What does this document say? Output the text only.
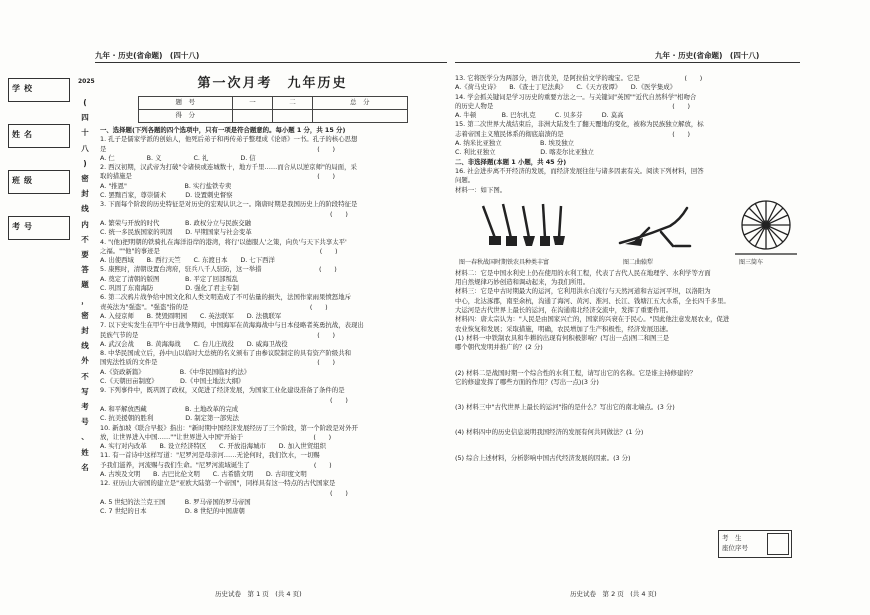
九年 · 历史(省命题)　(四十八)	九年 · 历史(省命题)　(四十八)
学校
姓名
班级
考号
2025
(
四
十
八
)
密
封
线
内
不
要
答
题
，
密
封
线
外
不
写
考
号
、
姓
名
第一次月考　九年历史
题　号	一	二	总　分
得　分			

一、选择题(下列各题的四个选项中，只有一项是符合题意的。每小题 1 分，共 15 分)

1. 孔子是儒家学派的创始人，他死后弟子和再传弟子整理成《论语》一书。孔子的核心思想

是　　　　　　　　　　　　　　　　　　　　　　　　　　　　　　　　　(　　)

A. 仁　　　　　B. 义　　　　　C. 礼　　　　　D. 信

2. 西汉初期，汉武帝为打破"令诸侯或连城数十，地方千里……而合从以逆京师"的局面，采

取的措施是　　　　　　　　　　　　　　　　　　　　　　　　　　　　　(　　)

A. "推恩"　　　　　　　　　B. 实行盐铁专卖

C. 罢黜百家，尊崇儒术　　　D. 设置刺史督察

3. 下面每个阶段的历史特征是对历史的宏观认识之一。隋唐时期是我国历史上的阶段特征是

　　　　　　　　　　　　　　　　　　　　　　　　　　　　　　　　　　　　(　　)

A. 繁荣与开放的时代　　　　B. 政权分立与民族交融

C. 统一多民族国家的巩固　　D. 早期国家与社会变革

4. "(他)把明朝的铁骑扎在海洋沿岸的港湾，将行'以德服人'之策，向负'与天下共享太平'

之福。""他"的事迹是　　　　　　　　　　　　　　　　　　　　　　　　　(　　)

A. 出使西域　　B. 西行天竺　　C. 东渡日本　　D. 七下西洋

5. 康熙时，清朝设置台湾府，驻兵八千人驻防，这一举措　　　　　　　　　(　　)

A. 奠定了清朝的版图　　　　B. 平定了回部叛乱

C. 巩固了东南海防　　　　　D. 强化了君主专制

6. 第二次鸦片战争给中国文化和人类文明造成了不可估量的损失，法国作家雨果愤怒地斥

责英法为"强盗"。"强盗"指的是　　　　　　　　　　　　　　　　　　　(　　)

A. 入侵京师　　B. 焚毁圆明园　　C. 英法联军　　D. 法俄联军

7. 以下史实发生在甲午中日战争期间，中国海军在黄海海战中与日本侵略者英勇抗战，表现出

民族气节的是　　　　　　　　　　　　　　　　　　　　　　　　　　　　(　　)

A. 武汉会战　　B. 黄海海战　　C. 台儿庄战役　　D. 威海卫战役

8. 中华民国成立后，孙中山以临时大总统的名义颁布了由参议院制定的具有资产阶级共和

国宪法性质的文件是　　　　　　　　　　　　　　　　　　　　　　　　　(　　)

A.《资政新篇》　　　　　　B.《中华民国临时约法》

C.《天朝田亩制度》　　　　D.《中国土地法大纲》

9. 下列事件中，既巩固了政权，又促进了经济发展，为国家工业化建设准备了条件的是

　　　　　　　　　　　　　　　　　　　　　　　　　　　　　　　　　　　　(　　)

A. 和平解放西藏　　　　　　B. 土地改革的完成

C. 抗美援朝的胜利　　　　　D. 制定第一部宪法

10. 新加坡《联合早报》指出："新时期中国经济发展经历了三个阶段，第一个阶段是对外开

放，让世界进入中国……""让世界进入中国"开始于　　　　　　　　　　　(　　)

A. 实行对内改革　　B. 设立经济特区　　C. 开放沿海城市　　D. 加入世贸组织

11. 有一首诗中这样写道："尼罗河是母亲河……无论何时，我们饮水，一切赐

予我们滋养，河流赐与我们生命。"尼罗河流域诞生了　　　　　　　　　　(　　)

A. 古埃及文明　　B. 古巴比伦文明　　C. 古希腊文明　　D. 古印度文明

12. 亚历山大帝国的建立是"亚欧大陆第一个帝国"，同样具有这一特点的古代国家是

　　　　　　　　　　　　　　　　　　　　　　　　　　　　　　　　　　　　(　　)

A. 5 世纪的法兰克王国　　　B. 罗马帝国的罗马帝国

C. 7 世纪的日本　　　　　　D. 8 世纪的中国唐朝

13. 它将医学分为两部分，语言优美，是阿拉伯文学的瑰宝。它是　　　　　　　(　　)

A.《荷马史诗》　　B.《查士丁尼法典》　　C.《天方夜谭》　　D.《医学集成》

14. 学会抓关键词是学习历史的重要方法之一。与关键词"英国""近代自然科学"相吻合

的历史人物是　　　　　　　　　　　　　　　　　　　　　　　　　　　　(　　)

A. 牛顿　　　　B. 巴尔扎克　　　C. 贝多芬　　　D. 莫高

15. 第二次世界大战结束后，非洲大陆发生了翻天覆地的变化，被称为民族独立解放，标

志着帝国主义殖民体系的彻底崩溃的是　　　　　　　　　　　　　　　　　(　　)

A. 纳米比亚独立　　　　　　B. 埃及独立

C. 利比亚独立　　　　　　　D. 喀麦尔比亚独立

二、非选择题(本题 1 小题，共 45 分)

16. 社会进步离不开经济的发展，而经济发展往往与诸多因素有关。阅读下列材料，回答

问题。

材料一：如下图。

图一春秋战国时期铁农具种类丰富	图二曲辕犁	图三筒车

材料二：它是中国水利史上仍在使用的水利工程，代表了古代人民在地理学、水利学等方面

用自然规律巧妙创造和调动起来，为我们所用。

材料三：它是中古时期最大的运河，它利用洪水自流行与天然河道和古运河平坦，以洛阳为

中心，北达涿郡，南至余杭，沟通了海河、黄河、淮河、长江、钱塘江五大水系，全长四千多里。

大运河是古代世界上最长的运河，在沟通南北经济交流中，发挥了重要作用。

材料四：唐太宗认为："人民是由国家兴亡的，国家的兴衰在于民心。"因此他注意发展农业，促进

农业恢复和发展；采取措施，明确，农民增加了生产积极性，经济发展迅速。

(1) 材料一中铁制农具和牛耕的出现有何积极影响？(写出一点)图二和图三是

哪个朝代发明并推广的？(2 分)

(2) 材料二是战国时期一个综合性的水利工程，请写出它的名称。它是谁主持修建的？

它的修建发挥了哪些方面的作用？(写出一点)(3 分)

(3) 材料三中"古代世界上最长的运河"指的是什么？写出它的南北端点。(3 分)

(4) 材料四中的历史信息说明我国经济的发展有何共同做法？(1 分)

(5) 综合上述材料，分析影响中国古代经济发展的因素。(3 分)

考　生
座位序号
历史试卷　第 1 页　(共 4 页)	历史试卷　第 2 页　(共 4 页)
